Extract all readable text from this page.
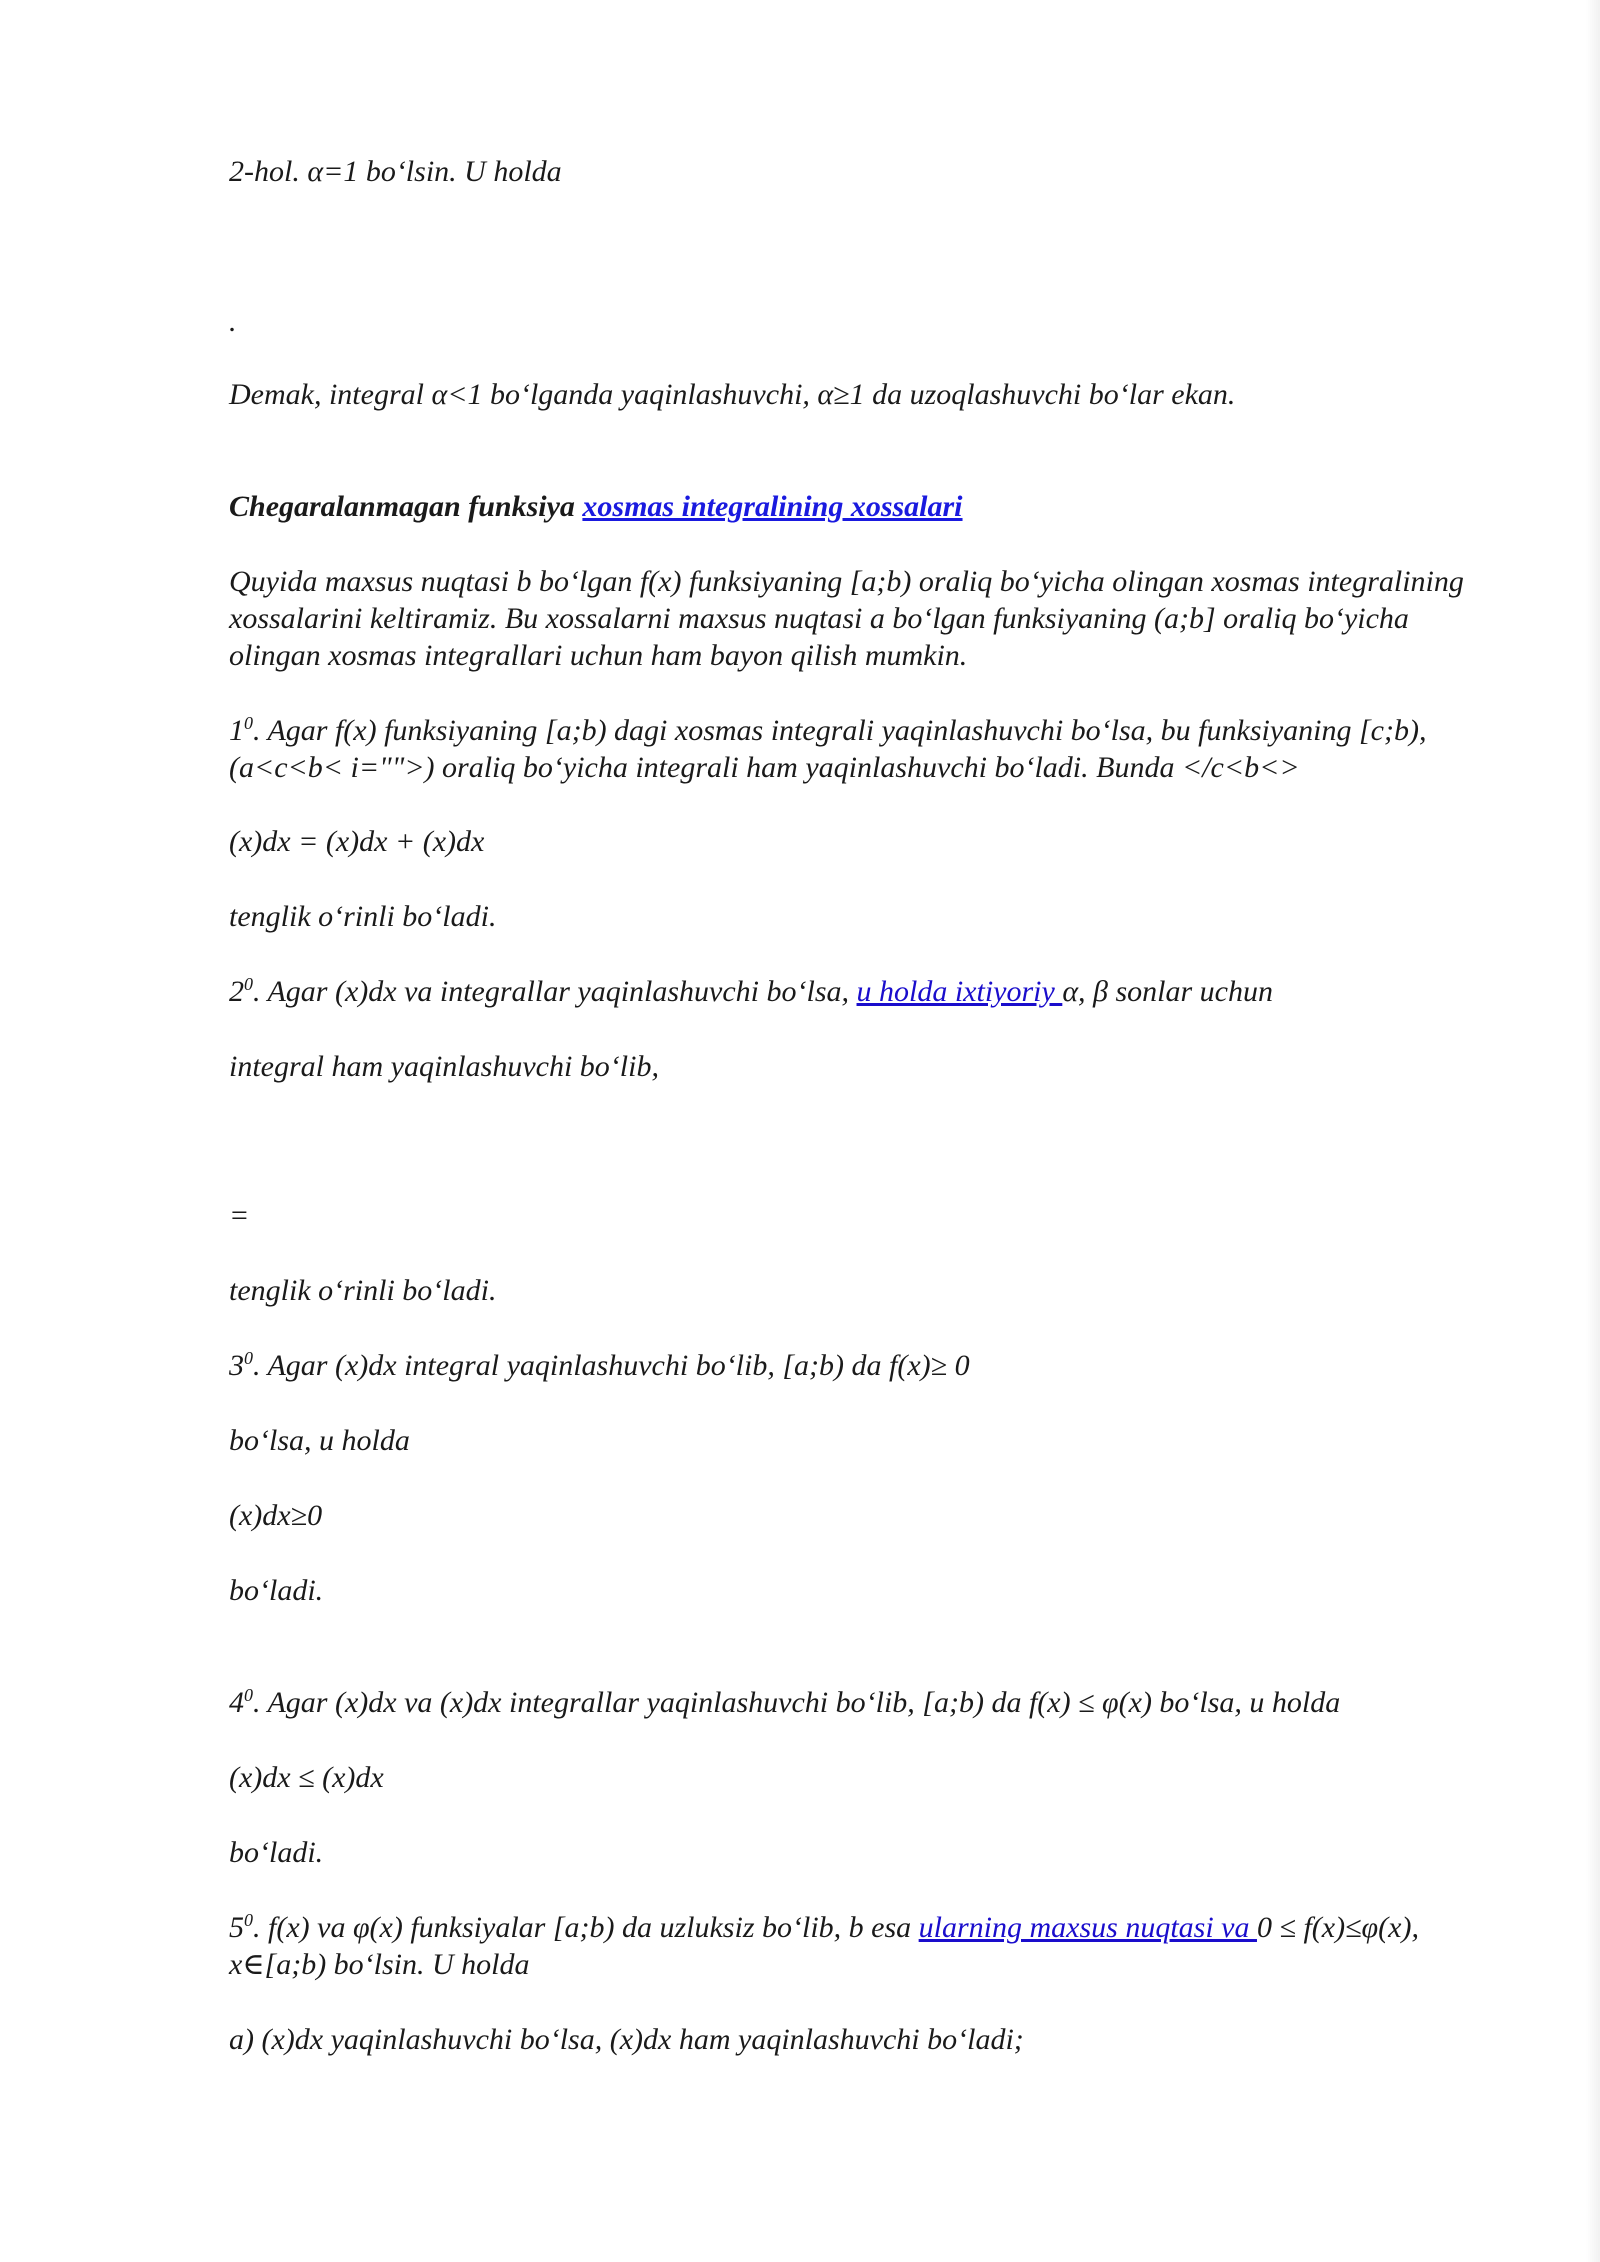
2-hol. α=1 bo‘lsin. U holda

.

Demak, integral α<1 bo‘lganda yaqinlashuvchi, α≥1 da uzoqlashuvchi bo‘lar ekan.

Chegaralanmagan funksiya xosmas integralining xossalari

Quyida maxsus nuqtasi b bo‘lgan f(x) funksiyaning [a;b) oraliq bo‘yicha olingan xosmas integralining xossalarini keltiramiz. Bu xossalarni maxsus nuqtasi a bo‘lgan funksiyaning (a;b] oraliq bo‘yicha olingan xosmas integrallari uchun ham bayon qilish mumkin.

$1^0$. Agar f(x) funksiyaning [a;b) dagi xosmas integrali yaqinlashuvchi bo‘lsa, bu funksiyaning [c;b), (a<c<b< i="">) oraliq bo‘yicha integrali ham yaqinlashuvchi bo‘ladi. Bunda </c<b<>

(x)dx = (x)dx + (x)dx

tenglik o‘rinli bo‘ladi.

$2^0$. Agar (x)dx va integrallar yaqinlashuvchi bo‘lsa, u holda ixtiyoriy α, β sonlar uchun

integral ham yaqinlashuvchi bo‘lib,

=

tenglik o‘rinli bo‘ladi.

$3^0$. Agar (x)dx integral yaqinlashuvchi bo‘lib, [a;b) da f(x)≥ 0

bo‘lsa, u holda

(x)dx≥0

bo‘ladi.

$4^0$. Agar (x)dx va (x)dx integrallar yaqinlashuvchi bo‘lib, [a;b) da f(x) ≤ φ(x) bo‘lsa, u holda

(x)dx ≤ (x)dx

bo‘ladi.

$5^0$. f(x) va φ(x) funksiyalar [a;b) da uzluksiz bo‘lib, b esa ularning maxsus nuqtasi va 0 ≤ f(x)≤φ(x), x∈[a;b) bo‘lsin. U holda

a) (x)dx yaqinlashuvchi bo‘lsa, (x)dx ham yaqinlashuvchi bo‘ladi;
